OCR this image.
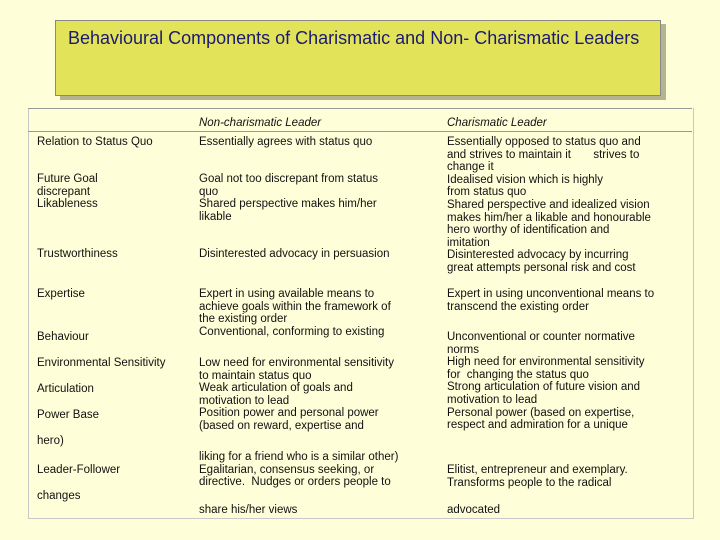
Behavioural Components of Charismatic and Non- Charismatic Leaders
Non-charismatic Leader	Charismatic Leader
Relation to Status Quo
Future Goal
discrepant
Likableness
Trustworthiness
Expertise
Behaviour
Environmental Sensitivity
Articulation
Power Base
hero)
Leader-Follower
changes
Essentially agrees with status quo
Goal not too discrepant from status
quo
Shared perspective makes him/her
likable
Disinterested advocacy in persuasion
Expert in using available means to
achieve goals within the framework of
the existing order
Conventional, conforming to existing
Low need for environmental sensitivity
to maintain status quo
Weak articulation of goals and
motivation to lead
Position power and personal power
(based on reward, expertise and
liking for a friend who is a similar other)
Egalitarian, consensus seeking, or
directive.  Nudges or orders people to
share his/her views
Essentially opposed to status quo and
and strives to maintain it       strives to
change it
Idealised vision which is highly
from status quo
Shared perspective and idealized vision
makes him/her a likable and honourable
hero worthy of identification and
imitation
Disinterested advocacy by incurring
great attempts personal risk and cost
Expert in using unconventional means to
transcend the existing order
Unconventional or counter normative
norms
High need for environmental sensitivity
for  changing the status quo
Strong articulation of future vision and
motivation to lead
Personal power (based on expertise,
respect and admiration for a unique
Elitist, entrepreneur and exemplary.
Transforms people to the radical
advocated
